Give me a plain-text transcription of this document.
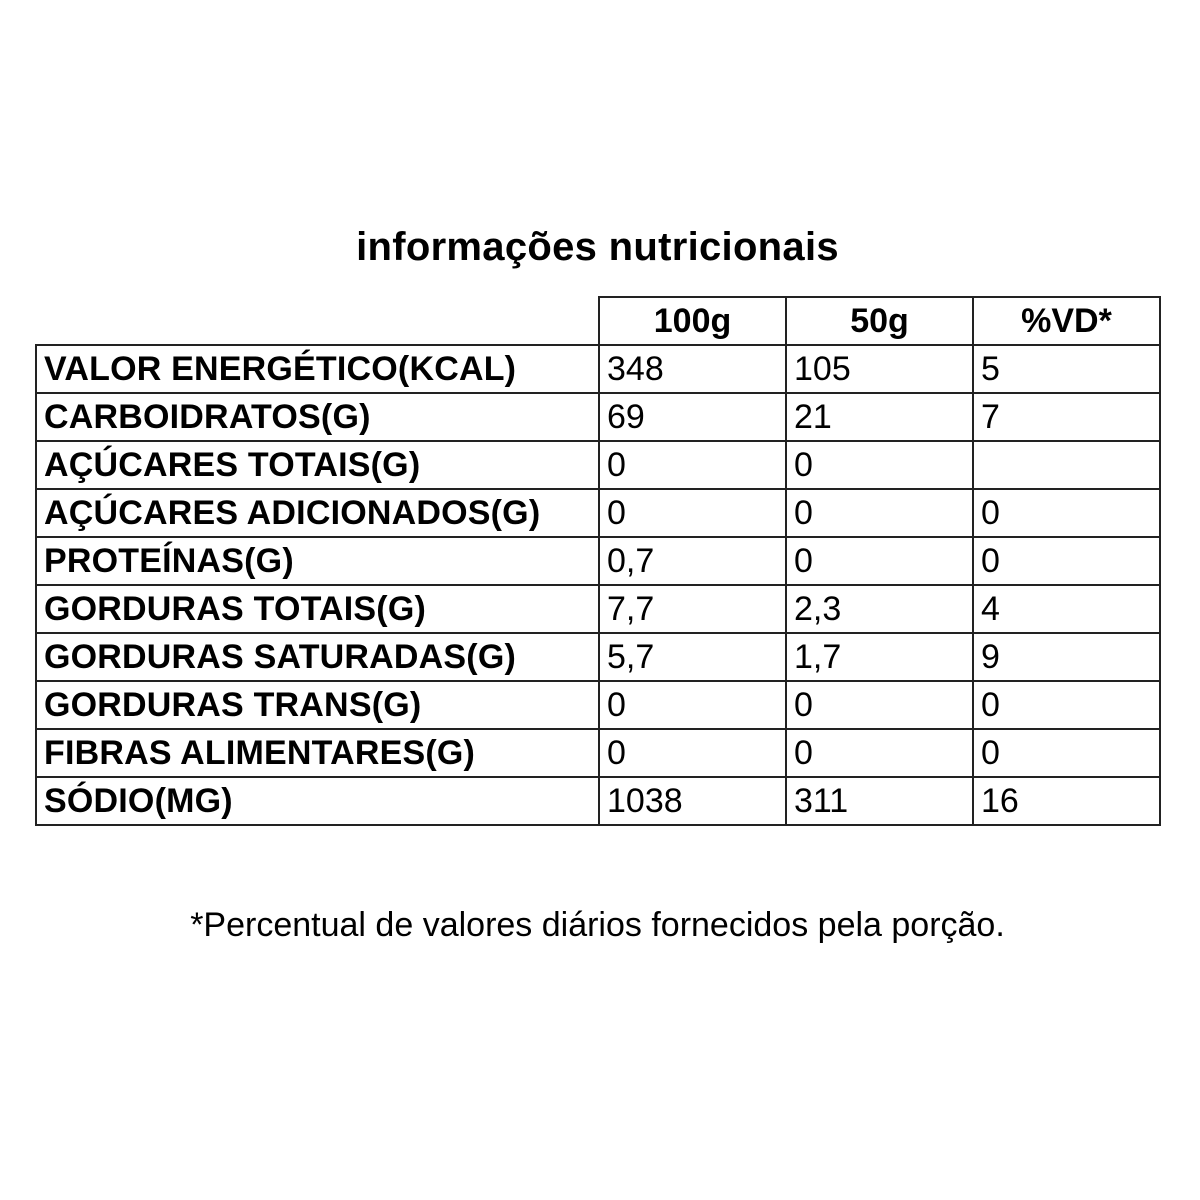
informações nutricionais
	100g	50g	%VD*
VALOR ENERGÉTICO(KCAL)	348	105	5
CARBOIDRATOS(G)	69	21	7
AÇÚCARES TOTAIS(G)	0	0	
AÇÚCARES ADICIONADOS(G)	0	0	0
PROTEÍNAS(G)	0,7	0	0
GORDURAS TOTAIS(G)	7,7	2,3	4
GORDURAS SATURADAS(G)	5,7	1,7	9
GORDURAS TRANS(G)	0	0	0
FIBRAS ALIMENTARES(G)	0	0	0
SÓDIO(MG)	1038	311	16
*Percentual de valores diários fornecidos pela porção.
